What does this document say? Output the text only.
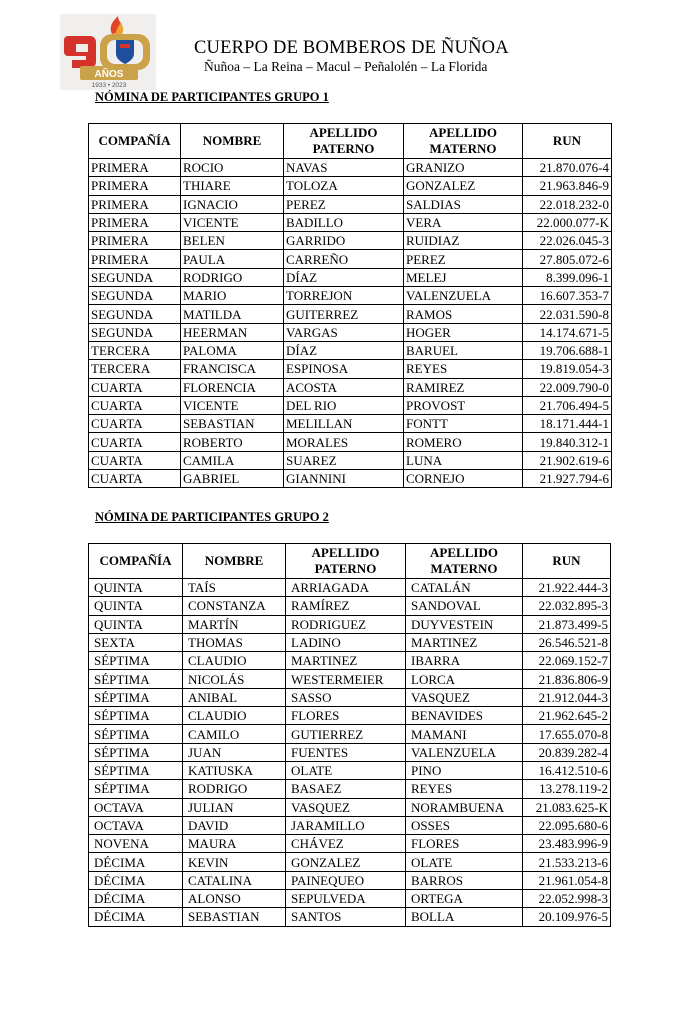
AÑOS
1933 • 2023
CUERPO DE BOMBEROS DE ÑUÑOA
Ñuñoa – La Reina – Macul – Peñalolén – La Florida
NÓMINA DE PARTICIPANTES GRUPO 1
COMPAÑÍA	NOMBRE	APELLIDO PATERNO	APELLIDO MATERNO	RUN
PRIMERA	ROCIO	NAVAS	GRANIZO	21.870.076-4
PRIMERA	THIARE	TOLOZA	GONZALEZ	21.963.846-9
PRIMERA	IGNACIO	PEREZ	SALDIAS	22.018.232-0
PRIMERA	VICENTE	BADILLO	VERA	22.000.077-K
PRIMERA	BELEN	GARRIDO	RUIDIAZ	22.026.045-3
PRIMERA	PAULA	CARREÑO	PEREZ	27.805.072-6
SEGUNDA	RODRIGO	DÍAZ	MELEJ	8.399.096-1
SEGUNDA	MARIO	TORREJON	VALENZUELA	16.607.353-7
SEGUNDA	MATILDA	GUITERREZ	RAMOS	22.031.590-8
SEGUNDA	HEERMAN	VARGAS	HOGER	14.174.671-5
TERCERA	PALOMA	DÍAZ	BARUEL	19.706.688-1
TERCERA	FRANCISCA	ESPINOSA	REYES	19.819.054-3
CUARTA	FLORENCIA	ACOSTA	RAMIREZ	22.009.790-0
CUARTA	VICENTE	DEL RIO	PROVOST	21.706.494-5
CUARTA	SEBASTIAN	MELILLAN	FONTT	18.171.444-1
CUARTA	ROBERTO	MORALES	ROMERO	19.840.312-1
CUARTA	CAMILA	SUAREZ	LUNA	21.902.619-6
CUARTA	GABRIEL	GIANNINI	CORNEJO	21.927.794-6
NÓMINA DE PARTICIPANTES GRUPO 2
COMPAÑÍA	NOMBRE	APELLIDO PATERNO	APELLIDO MATERNO	RUN
QUINTA	TAÍS	ARRIAGADA	CATALÁN	21.922.444-3
QUINTA	CONSTANZA	RAMÍREZ	SANDOVAL	22.032.895-3
QUINTA	MARTÍN	RODRIGUEZ	DUYVESTEIN	21.873.499-5
SEXTA	THOMAS	LADINO	MARTINEZ	26.546.521-8
SÉPTIMA	CLAUDIO	MARTINEZ	IBARRA	22.069.152-7
SÉPTIMA	NICOLÁS	WESTERMEIER	LORCA	21.836.806-9
SÉPTIMA	ANIBAL	SASSO	VASQUEZ	21.912.044-3
SÉPTIMA	CLAUDIO	FLORES	BENAVIDES	21.962.645-2
SÉPTIMA	CAMILO	GUTIERREZ	MAMANI	17.655.070-8
SÉPTIMA	JUAN	FUENTES	VALENZUELA	20.839.282-4
SÉPTIMA	KATIUSKA	OLATE	PINO	16.412.510-6
SÉPTIMA	RODRIGO	BASAEZ	REYES	13.278.119-2
OCTAVA	JULIAN	VASQUEZ	NORAMBUENA	21.083.625-K
OCTAVA	DAVID	JARAMILLO	OSSES	22.095.680-6
NOVENA	MAURA	CHÁVEZ	FLORES	23.483.996-9
DÉCIMA	KEVIN	GONZALEZ	OLATE	21.533.213-6
DÉCIMA	CATALINA	PAINEQUEO	BARROS	21.961.054-8
DÉCIMA	ALONSO	SEPULVEDA	ORTEGA	22.052.998-3
DÉCIMA	SEBASTIAN	SANTOS	BOLLA	20.109.976-5
